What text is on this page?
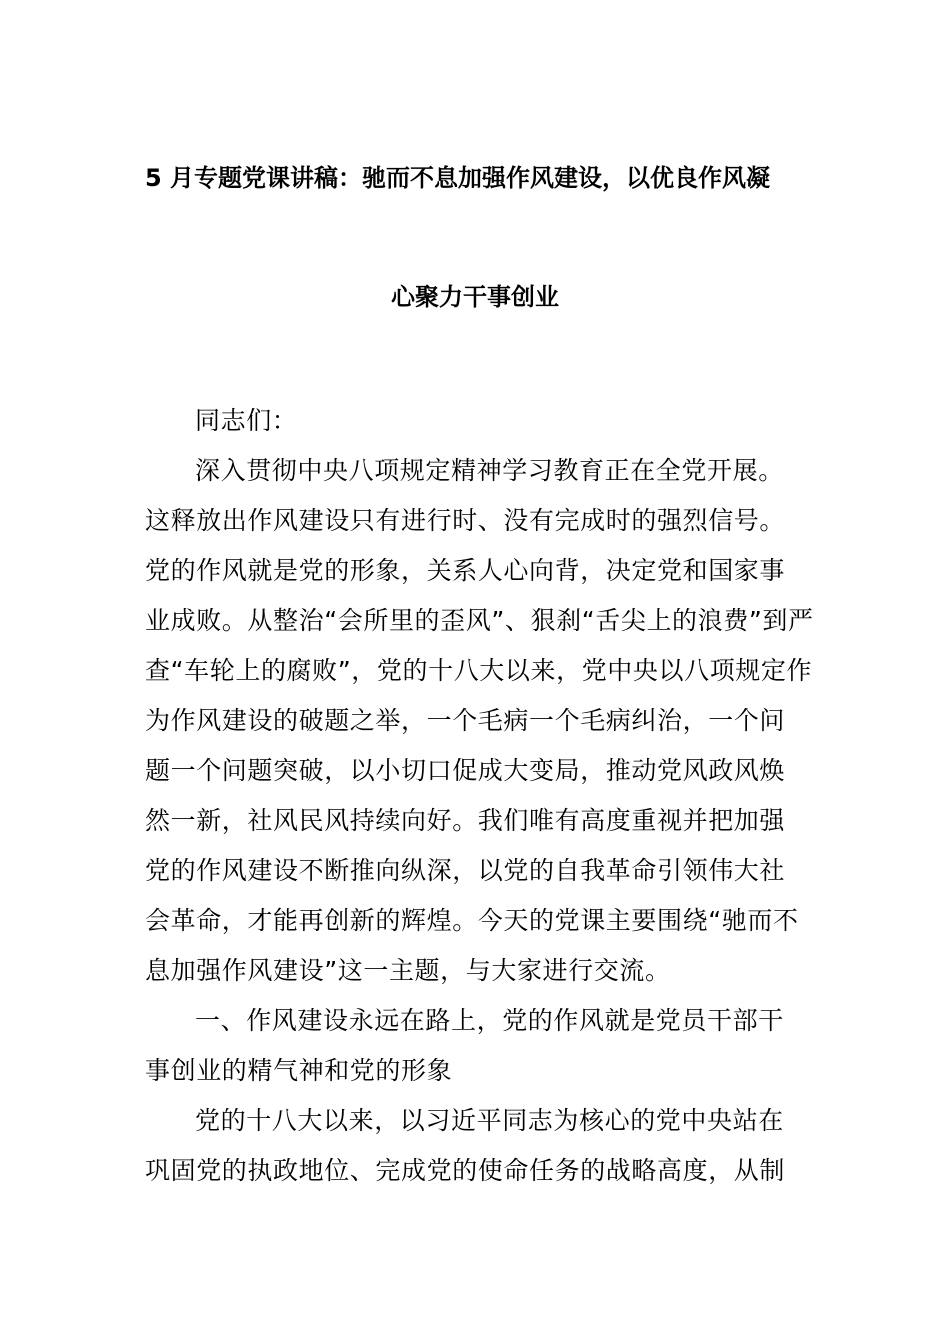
5 月专题党课讲稿：驰而不息加强作风建设，以优良作风凝
心聚力干事创业
同志们：
深入贯彻中央八项规定精神学习教育正在全党开展。
这释放出作风建设只有进行时、没有完成时的强烈信号。
党的作风就是党的形象，关系人心向背，决定党和国家事
业成败。从整治“会所里的歪风”、狠刹“舌尖上的浪费”到严
查“车轮上的腐败”，党的十八大以来，党中央以八项规定作
为作风建设的破题之举，一个毛病一个毛病纠治，一个问
题一个问题突破，以小切口促成大变局，推动党风政风焕
然一新，社风民风持续向好。我们唯有高度重视并把加强
党的作风建设不断推向纵深，以党的自我革命引领伟大社
会革命，才能再创新的辉煌。今天的党课主要围绕“驰而不
息加强作风建设”这一主题，与大家进行交流。
一、作风建设永远在路上，党的作风就是党员干部干
事创业的精气神和党的形象
党的十八大以来，以习近平同志为核心的党中央站在
巩固党的执政地位、完成党的使命任务的战略高度，从制
